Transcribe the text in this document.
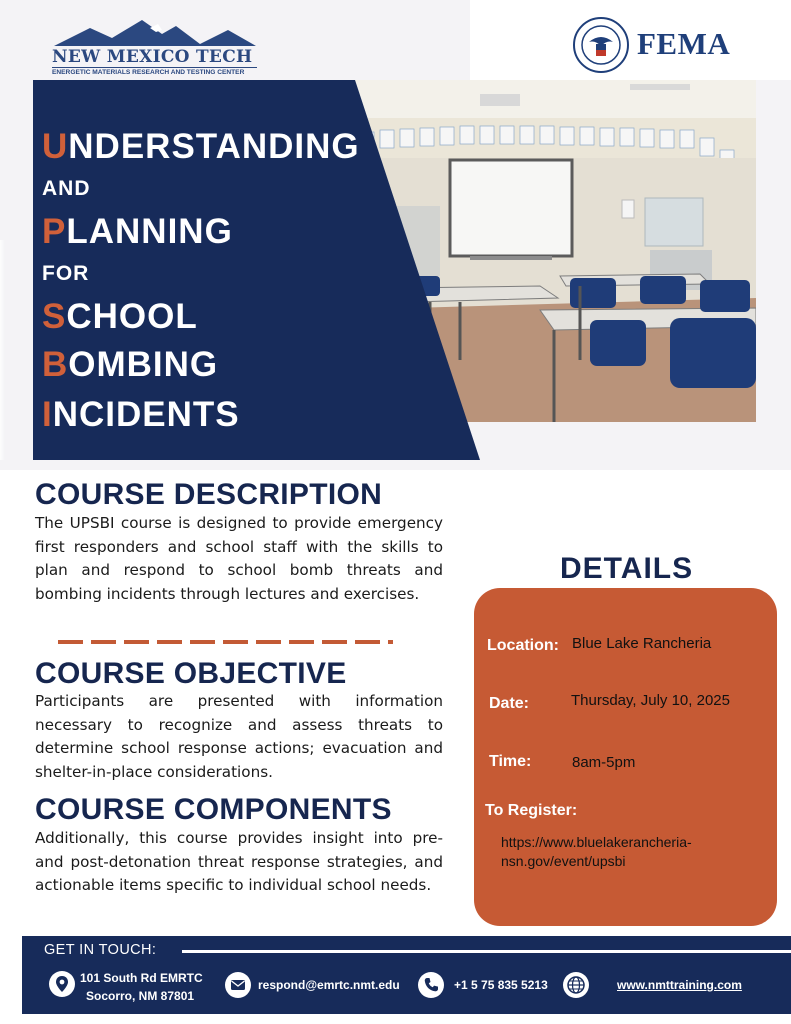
UNDERSTANDING
AND
PLANNING
FOR
SCHOOL
BOMBING
INCIDENTS
NEW MEXICO TECH
ENERGETIC MATERIALS RESEARCH AND TESTING CENTER
FEMA
COURSE DESCRIPTION
The UPSBI course is designed to provide emergency first responders and school staff with the skills to plan and respond to school bomb threats and bombing incidents through lectures and exercises.
COURSE OBJECTIVE
Participants are presented with information necessary to recognize and assess threats to determine school response actions; evacuation and shelter-in-place considerations.
COURSE COMPONENTS
Additionally, this course provides insight into pre- and post-detonation threat response strategies, and actionable items specific to individual school needs.
DETAILS
Location: Blue Lake Rancheria
Date:	Thursday, July 10, 2025
Time:	8am-5pm
To Register:
https://www.bluelakerancheria-nsn.gov/event/upsbi
GET IN TOUCH:
101 South Rd EMRTC
Socorro, NM 87801
respond@emrtc.nmt.edu	+1 5 75 835 5213	www.nmttraining.com
